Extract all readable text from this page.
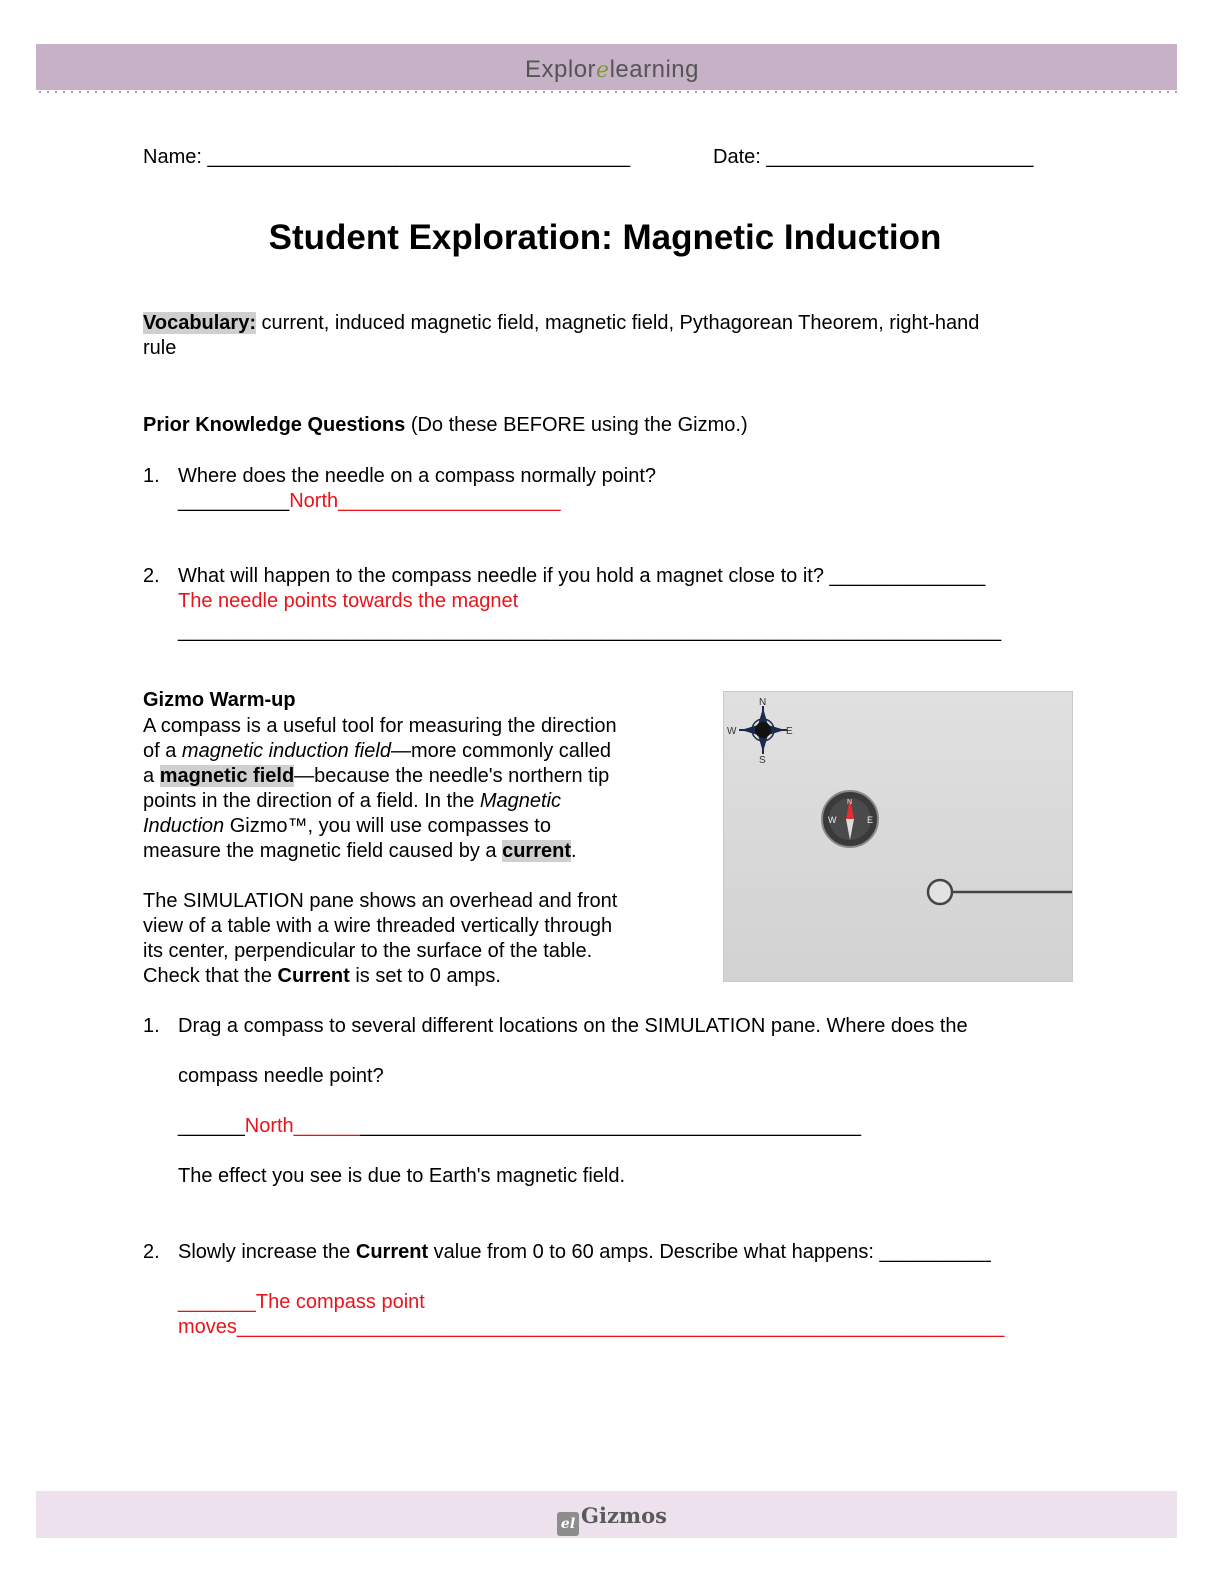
Explorelearning
Name: ______________________________________	Date: ________________________
Student Exploration: Magnetic Induction
Vocabulary: current, induced magnetic field, magnetic field, Pythagorean Theorem, right-hand
rule
Prior Knowledge Questions (Do these BEFORE using the Gizmo.)
1. Where does the needle on a compass normally point?
__________North____________________
2. What will happen to the compass needle if you hold a magnet close to it? ______________
The needle points towards the magnet
__________________________________________________________________________
Gizmo Warm-up
A compass is a useful tool for measuring the direction
of a magnetic induction field—more commonly called
a magnetic field—because the needle's northern tip
points in the direction of a field. In the Magnetic
Induction Gizmo™, you will use compasses to
measure the magnetic field caused by a current.
The SIMULATION pane shows an overhead and front
view of a table with a wire threaded vertically through
its center, perpendicular to the surface of the table.
Check that the Current is set to 0 amps.
N
S
W	E
W	E
N
1. Drag a compass to several different locations on the SIMULATION pane. Where does the
compass needle point?
______North___________________________________________________
The effect you see is due to Earth's magnetic field.
2. Slowly increase the Current value from 0 to 60 amps. Describe what happens: __________
_______The compass point
moves_____________________________________________________________________
el Gizmos
